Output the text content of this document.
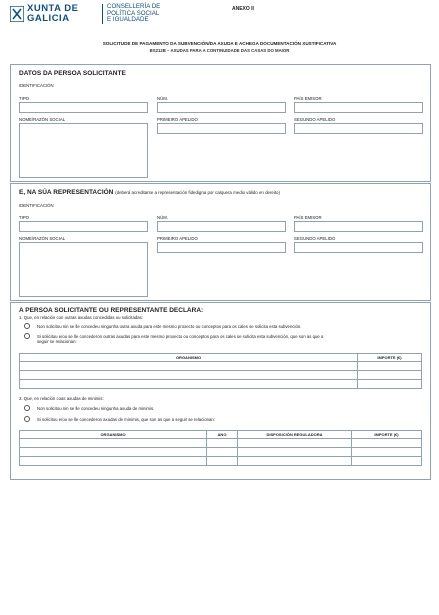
XUNTA DE GALICIA
CONSELLERÍA DE
POLÍTICA SOCIAL
E IGUALDADE
ANEXO II
SOLICITUDE DE PAGAMENTO DA SUBVENCIÓN/DA AXUDA E ACHEGA DOCUMENTACIÓN XUSTIFICATIVA
BS212B – AXUDAS PARA A CONTINUIDADE DAS CASAS DO MAIOR
DATOS DA PERSOA SOLICITANTE
IDENTIFICACIÓN
TIPO	NÚM.	PAÍS EMISOR
NOME/RAZÓN SOCIAL	PRIMEIRO APELIDO	SEGUNDO APELIDO
E, NA SÚA REPRESENTACIÓN (deberá acreditarse a representación fidedigna por calquera medio válido en dereito)
IDENTIFICACIÓN
TIPO	NÚM.	PAÍS EMISOR
NOME/RAZÓN SOCIAL	PRIMEIRO APELIDO	SEGUNDO APELIDO
A PERSOA SOLICITANTE OU REPRESENTANTE DECLARA:
1. Que, en relación con outras axudas concedidas ou solicitadas:
Non solicitou nin se lle concedeu ningunha outra axuda para este mesmo proxecto ou conceptos para os cales se solicita esta subvención.
Si solicitou e/ou se lle concederon outras axudas para este mesmo proxecto ou conceptos para os cales se solicita esta subvención, que son as que a
seguir se relacionan:
ORGANISMO	IMPORTE (€)

2. Que, en relación coas axudas de minimis:
Non solicitou nin se lle concedeu ningunha axuda de minimis.
Si solicitou e/ou se lle concederon axudas de minimis, que son as que a seguir se relacionan:
ORGANISMO	ANO	DISPOSICIÓN REGULADORA	IMPORTE (€)
